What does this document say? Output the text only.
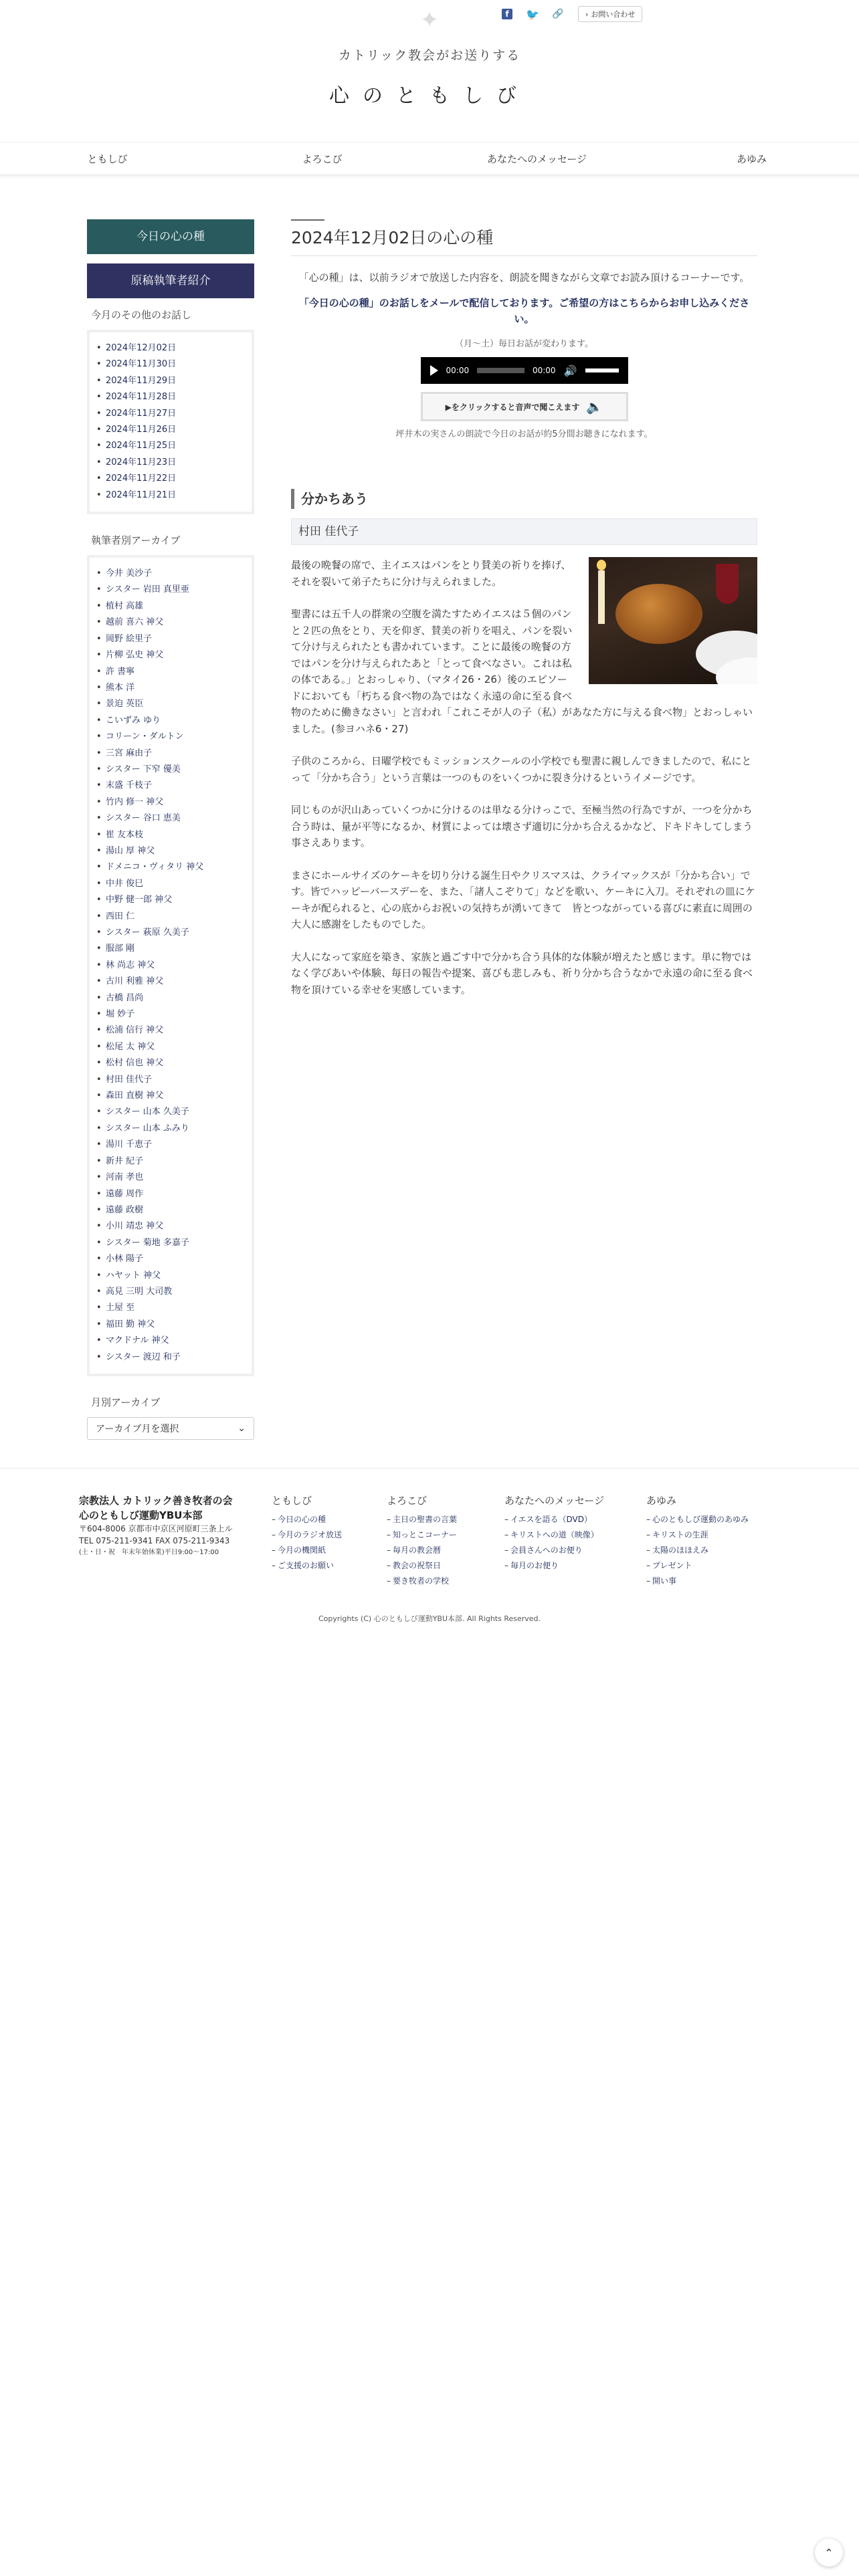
f	🐦 🔗	› お問い合わせ
✦
カトリック教会がお送りする
心のともしび
ともしび	よろこび	あなたへのメッセージ	あゆみ
今日の心の種
原稿執筆者紹介
今月のその他のお話し
• 2024年12月02日
• 2024年11月30日
• 2024年11月29日
• 2024年11月28日
• 2024年11月27日
• 2024年11月26日
• 2024年11月25日
• 2024年11月23日
• 2024年11月22日
• 2024年11月21日
執筆者別アーカイブ
• 今井 美沙子
• シスター 岩田 真里亜
• 植村 高雄
• 越前 喜六 神父
• 岡野 絵里子
• 片柳 弘史 神父
• 許 書寧
• 熊本 洋
• 景迫 英臣
• こいずみ ゆり
• コリーン・ダルトン
• 三宮 麻由子
• シスター 下窄 優美
• 末盛 千枝子
• 竹内 修一 神父
• シスター 谷口 恵美
• 崔 友本枝
• 湯山 厚 神父
• ドメニコ・ヴィタリ 神父
• 中井 俊巳
• 中野 健一郎 神父
• 西田 仁
• シスター 萩原 久美子
• 服部 剛
• 林 尚志 神父
• 古川 利雅 神父
• 古橋 昌尚
• 堀 妙子
• 松浦 信行 神父
• 松尾 太 神父
• 松村 信也 神父
• 村田 佳代子
• 森田 直樹 神父
• シスター 山本 久美子
• シスター 山本 ふみり
• 湯川 千恵子
• 新井 紀子
• 河南 孝也
• 遠藤 周作
• 遠藤 政樹
• 小川 靖忠 神父
• シスター 菊地 多嘉子
• 小林 陽子
• ハヤット 神父
• 高見 三明 大司教
• 土屋 至
• 福田 勤 神父
• マクドナル 神父
• シスター 渡辺 和子
月別アーカイブ
アーカイブ月を選択	⌄
2024年12月02日の心の種

「心の種」は、以前ラジオで放送した内容を、朗読を聞きながら文章でお読み頂けるコーナーです。

「今日の心の種」のお話しをメールで配信しております。ご希望の方はこちらからお申し込みください。

（月〜土）毎日お話が変わります。

00:00	00:00 🔊
▶をクリックすると音声で聞こえます 🔈

坪井木の実さんの朗読で今日のお話が約5分間お聴きになれます。

分かちあう
村田 佳代子

最後の晩餐の席で、主イエスはパンをとり賛美の祈りを捧げ、それを裂いて弟子たちに分け与えられました。

聖書には五千人の群衆の空腹を満たすためイエスは５個のパンと２匹の魚をとり、天を仰ぎ、賛美の祈りを唱え、パンを裂いて分け与えられたとも書かれています。ことに最後の晩餐の方ではパンを分け与えられたあと「とって食べなさい。これは私の体である。」とおっしゃり、（マタイ26・26）後のエピソードにおいても「朽ちる食べ物の為ではなく永遠の命に至る食べ物のために働きなさい」と言われ「これこそが人の子（私）があなた方に与える食べ物」とおっしゃいました。(参ヨハネ6・27)

子供のころから、日曜学校でもミッションスクールの小学校でも聖書に親しんできましたので、私にとって「分かち合う」という言葉は一つのものをいくつかに裂き分けるというイメージです。

同じものが沢山あっていくつかに分けるのは単なる分けっこで、至極当然の行為ですが、一つを分かち合う時は、量が平等になるか、材質によっては壊さず適切に分かち合えるかなど、ドキドキしてしまう事さえあります。

まさにホールサイズのケーキを切り分ける誕生日やクリスマスは、クライマックスが「分かち合い」です。皆でハッピーバースデーを、また、「諸人こぞりて」などを歌い、ケーキに入刀。それぞれの皿にケーキが配られると、心の底からお祝いの気持ちが湧いてきて　皆とつながっている喜びに素直に周囲の大人に感謝をしたものでした。

大人になって家庭を築き、家族と過ごす中で分かち合う具体的な体験が増えたと感じます。単に物ではなく学びあいや体験、毎日の報告や提案、喜びも悲しみも、祈り分かち合うなかで永遠の命に至る食べ物を頂けている幸せを実感しています。

宗教法人 カトリック善き牧者の会
心のともしび運動YBU本部
〒604-8006 京都市中京区河原町三条上ル
TEL 075-211-9341 FAX 075-211-9343
(土・日・祝　年末年始休業)平日9:00〜17:00
ともしび
– 今日の心の種
– 今月のラジオ放送
– 今月の機関紙
– ご支援のお願い
よろこび
– 主日の聖書の言葉
– 知っとこコーナー
– 毎月の教会暦
– 教会の祝祭日
– 要き牧者の学校
あなたへのメッセージ
– イエスを語る（DVD）
– キリストへの道（映像）
– 会員さんへのお便り
– 毎月のお便り
あゆみ
– 心のともしび運動のあゆみ
– キリストの生涯
– 太陽のほほえみ
– プレゼント
– 開い事
Copyrights (C) 心のともしび運動YBU本部. All Rights Reserved.
⌃
